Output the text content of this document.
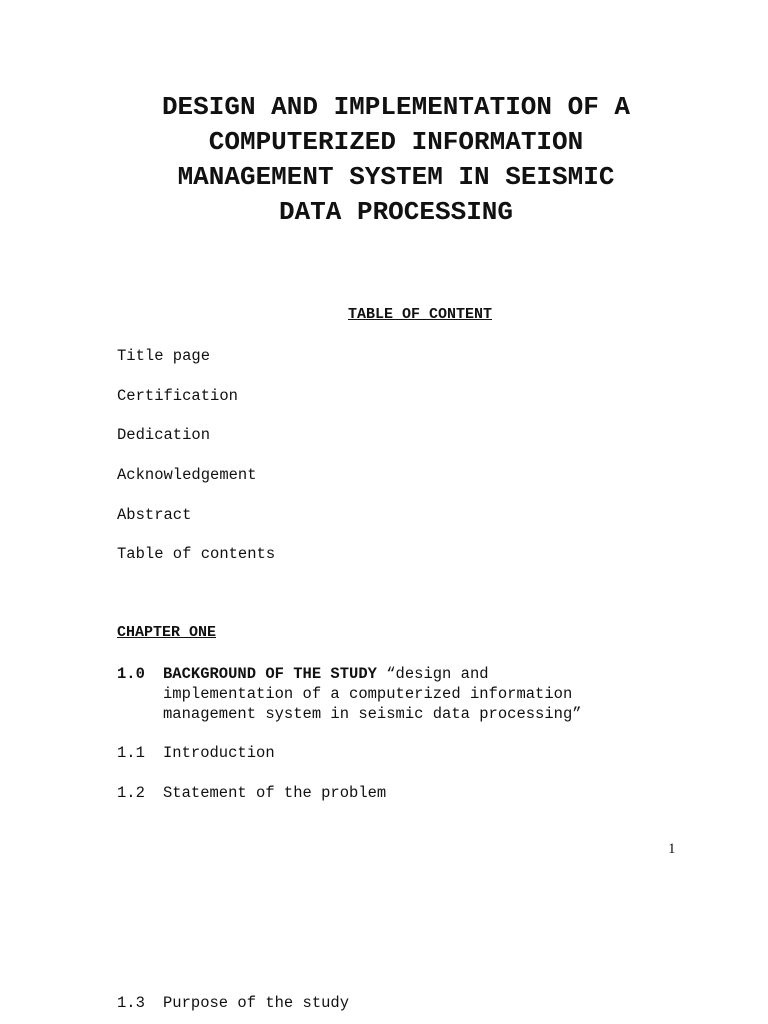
DESIGN AND IMPLEMENTATION OF A
COMPUTERIZED INFORMATION
MANAGEMENT SYSTEM IN SEISMIC
DATA PROCESSING

TABLE OF CONTENT

Title page

Certification

Dedication

Acknowledgement

Abstract

Table of contents

CHAPTER ONE

1.0 BACKGROUND OF THE STUDY “design and
implementation of a computerized information
management system in seismic data processing”
1.1 Introduction
1.2 Statement of the problem

1

1.3 Purpose of the study
